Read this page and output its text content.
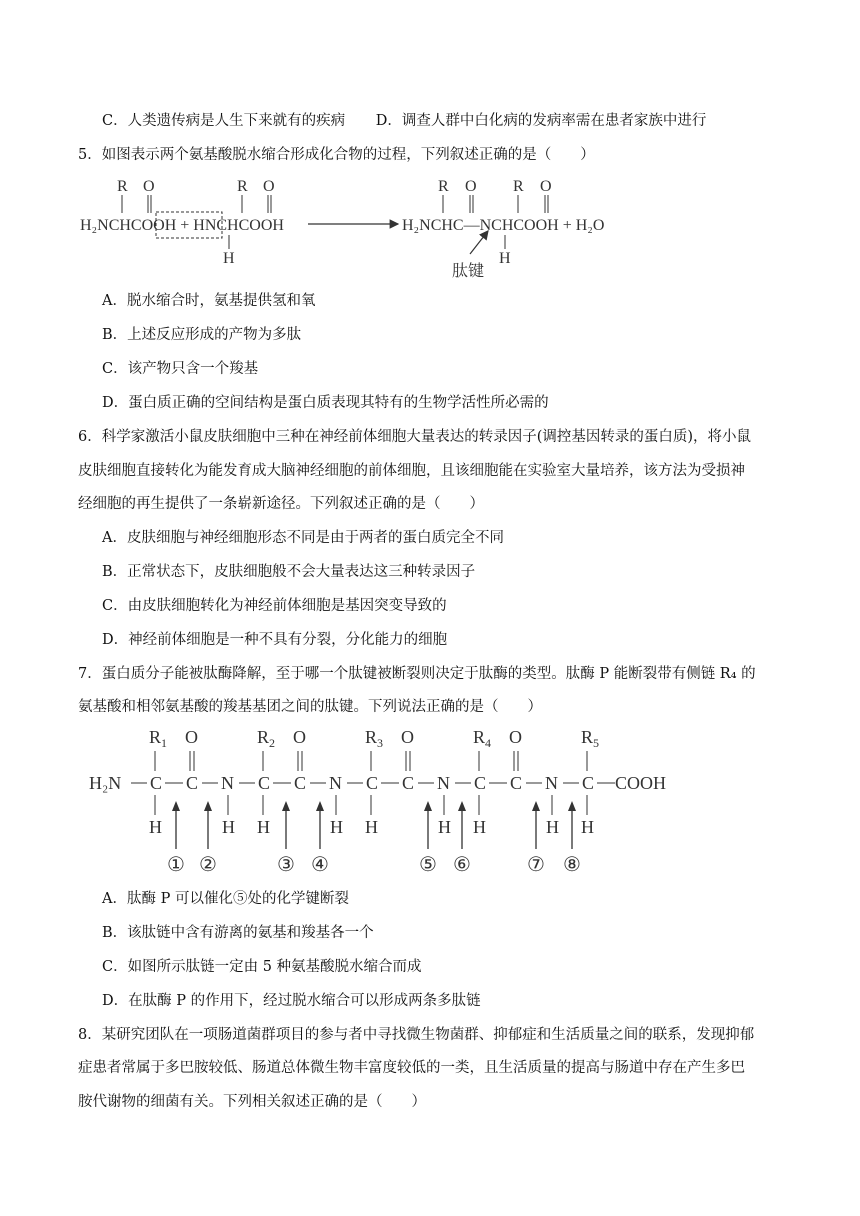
C．人类遗传病是人生下来就有的疾病 D．调查人群中白化病的发病率需在患者家族中进行
5．如图表示两个氨基酸脱水缩合形成化合物的过程，下列叙述正确的是（　　）
R O	R O
H₂NCHCOOH + HNCHCOOH
H
R O R O
H₂NCHC—NCHCOOH + H₂O
H
肽键
A．脱水缩合时，氨基提供氢和氧
B．上述反应形成的产物为多肽
C．该产物只含一个羧基
D．蛋白质正确的空间结构是蛋白质表现其特有的生物学活性所必需的
6．科学家激活小鼠皮肤细胞中三种在神经前体细胞大量表达的转录因子(调控基因转录的蛋白质)，将小鼠
皮肤细胞直接转化为能发育成大脑神经细胞的前体细胞，且该细胞能在实验室大量培养，该方法为受损神
经细胞的再生提供了一条崭新途径。下列叙述正确的是（　　）
A．皮肤细胞与神经细胞形态不同是由于两者的蛋白质完全不同
B．正常状态下，皮肤细胞般不会大量表达这三种转录因子
C．由皮肤细胞转化为神经前体细胞是基因突变导致的
D．神经前体细胞是一种不具有分裂，分化能力的细胞
7．蛋白质分子能被肽酶降解，至于哪一个肽键被断裂则决定于肽酶的类型。肽酶 P 能断裂带有侧链 R₄ 的
氨基酸和相邻氨基酸的羧基基团之间的肽键。下列说法正确的是（　　）
H₂N
$R_1$
C
H
C
O
N
H
$R_2$
C
H
C
O
N
H
$R_3$
C
H
C
O
N
H
$R_4$
C
H
C
O
N
H
$R_5$
C
H
COOH
① ②	③ ④	⑤ ⑥	⑦ ⑧
A．肽酶 P 可以催化⑤处的化学键断裂
B．该肽链中含有游离的氨基和羧基各一个
C．如图所示肽链一定由 5 种氨基酸脱水缩合而成
D．在肽酶 P 的作用下，经过脱水缩合可以形成两条多肽链
8．某研究团队在一项肠道菌群项目的参与者中寻找微生物菌群、抑郁症和生活质量之间的联系，发现抑郁
症患者常属于多巴胺较低、肠道总体微生物丰富度较低的一类，且生活质量的提高与肠道中存在产生多巴
胺代谢物的细菌有关。下列相关叙述正确的是（　　）
